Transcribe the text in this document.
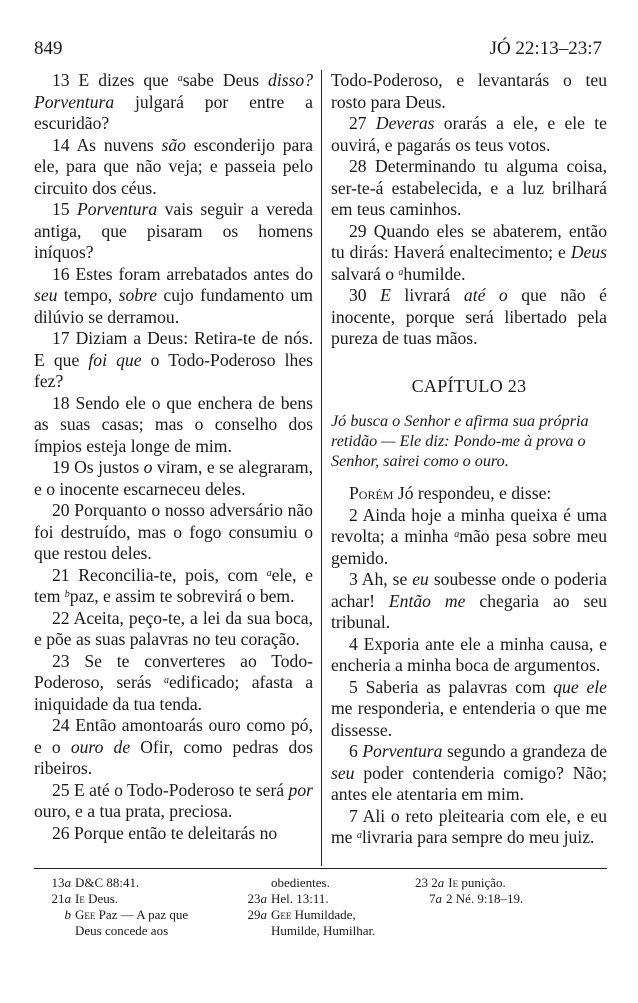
849	JÓ 22:13–23:7

13 E dizes que $^a$sabe Deus disso? Porventura julgará por entre a escuridão?

14 As nuvens são esconderijo para ele, para que não veja; e passeia pelo circuito dos céus.

15 Porventura vais seguir a vereda antiga, que pisaram os homens iníquos?

16 Estes foram arrebatados antes do seu tempo, sobre cujo fundamento um dilúvio se derramou.

17 Diziam a Deus: Retira-te de nós. E que foi que o Todo-Poderoso lhes fez?

18 Sendo ele o que enchera de bens as suas casas; mas o conselho dos ímpios esteja longe de mim.

19 Os justos o viram, e se alegraram, e o inocente escarneceu deles.

20 Porquanto o nosso adversário não foi destruído, mas o fogo consumiu o que restou deles.

21 Reconcilia-te, pois, com $^a$ele, e tem $^b$paz, e assim te sobrevirá o bem.

22 Aceita, peço-te, a lei da sua boca, e põe as suas palavras no teu coração.

23 Se te converteres ao Todo-Poderoso, serás $^a$edificado; afasta a iniquidade da tua tenda.

24 Então amontoarás ouro como pó, e o ouro de Ofir, como pedras dos ribeiros.

25 E até o Todo-Poderoso te será por ouro, e a tua prata, preciosa.

26 Porque então te deleitarás no

Todo-Poderoso, e levantarás o teu rosto para Deus.

27 Deveras orarás a ele, e ele te ouvirá, e pagarás os teus votos.

28 Determinando tu alguma coisa, ser-te-á estabelecida, e a luz brilhará em teus caminhos.

29 Quando eles se abaterem, então tu dirás: Haverá enaltecimento; e Deus salvará o $^a$humilde.

30 E livrará até o que não é inocente, porque será libertado pela pureza de tuas mãos.

CAPÍTULO 23
Jó busca o Senhor e afirma sua própria retidão — Ele diz: Pondo-me à prova o Senhor, sairei como o ouro.

Porém Jó respondeu, e disse:

2 Ainda hoje a minha queixa é uma revolta; a minha $^a$mão pesa sobre meu gemido.

3 Ah, se eu soubesse onde o poderia achar! Então me chegaria ao seu tribunal.

4 Exporia ante ele a minha causa, e encheria a minha boca de argumentos.

5 Saberia as palavras com que ele me responderia, e entenderia o que me dissesse.

6 Porventura segundo a grandeza de seu poder contenderia comigo? Não; antes ele atentaria em mim.

7 Ali o reto pleitearia com ele, e eu me $^a$livraria para sempre do meu juiz.

13a D&C 88:41.
21a Ie Deus.
b Gee Paz — A paz que
Deus concede aos
obedientes.
23a Hel. 13:11.
29a Gee Humildade,
Humilde, Humilhar.
23 2a Ie punição.
7a 2 Né. 9:18–19.
